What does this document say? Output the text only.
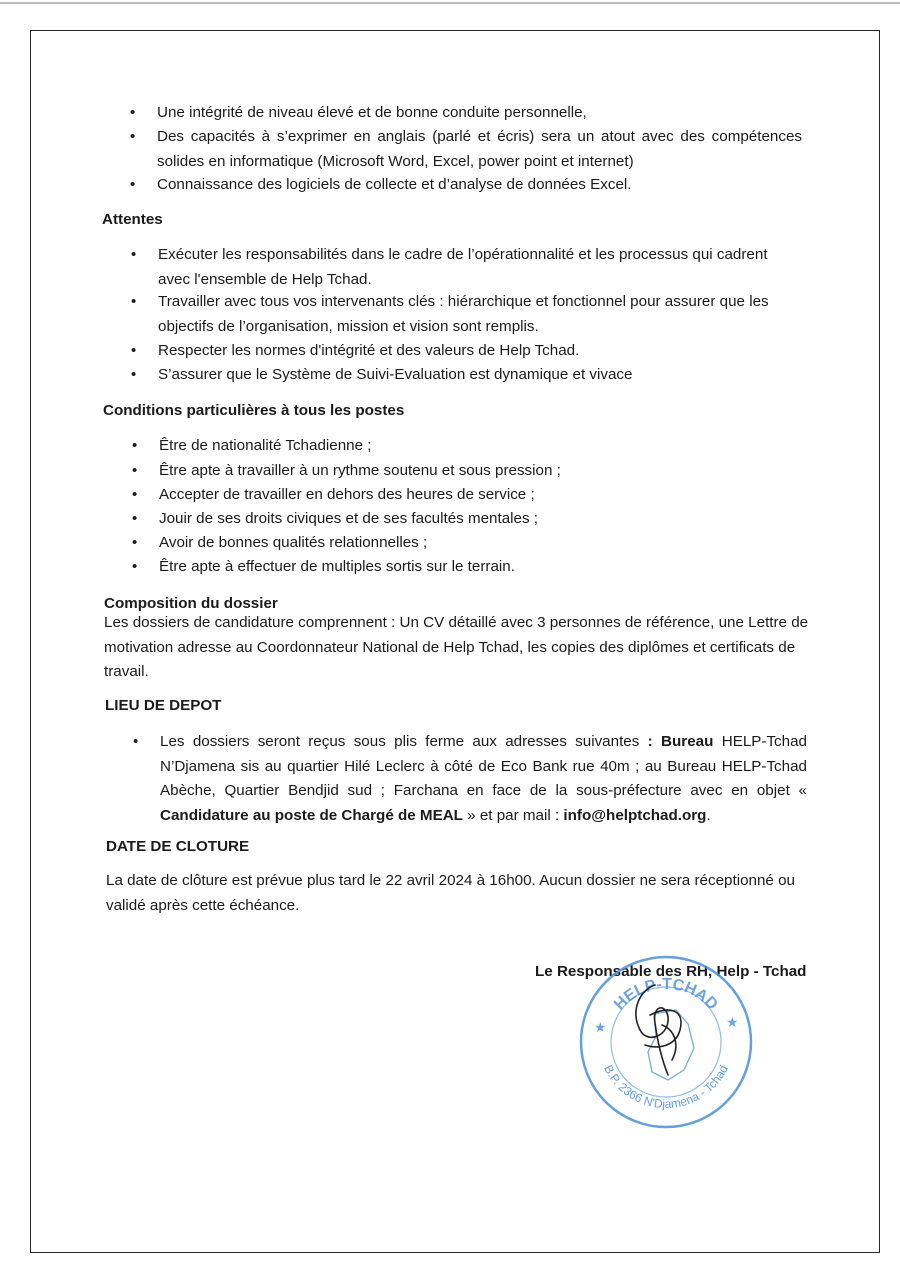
• Une intégrité de niveau élevé et de bonne conduite personnelle,
• Des capacités à s’exprimer en anglais (parlé et écris) sera un atout avec des compétences solides en informatique (Microsoft Word, Excel, power point et internet)
• Connaissance des logiciels de collecte et d’analyse de données Excel.
Attentes
• Exécuter les responsabilités dans le cadre de l’opérationnalité et les processus qui cadrent avec l'ensemble de Help Tchad.
• Travailler avec tous vos intervenants clés : hiérarchique et fonctionnel pour assurer que les objectifs de l’organisation, mission et vision sont remplis.
• Respecter les normes d'intégrité et des valeurs de Help Tchad.
• S’assurer que le Système de Suivi-Evaluation est dynamique et vivace
Conditions particulières à tous les postes
• Être de nationalité Tchadienne ;
• Être apte à travailler à un rythme soutenu et sous pression ;
• Accepter de travailler en dehors des heures de service ;
• Jouir de ses droits civiques et de ses facultés mentales ;
• Avoir de bonnes qualités relationnelles ;
• Être apte à effectuer de multiples sortis sur le terrain.
Composition du dossier
Les dossiers de candidature comprennent : Un CV détaillé avec 3 personnes de référence, une Lettre de motivation adresse au Coordonnateur National de Help Tchad, les copies des diplômes et certificats de travail.
LIEU DE DEPOT
• Les dossiers seront reçus sous plis ferme aux adresses suivantes : Bureau HELP-Tchad N’Djamena sis au quartier Hilé Leclerc à côté de Eco Bank rue 40m ; au Bureau HELP-Tchad Abèche, Quartier Bendjid sud ; Farchana en face de la sous-préfecture avec en objet « Candidature au poste de Chargé de MEAL » et par mail : info@helptchad.org.
DATE DE CLOTURE
La date de clôture est prévue plus tard le 22 avril 2024 à 16h00. Aucun dossier ne sera réceptionné ou validé après cette échéance.
Le Responsable des RH, Help - Tchad
HELP-TCHAD
B.P. 2366 N'Djamena - Tchad
★	★
